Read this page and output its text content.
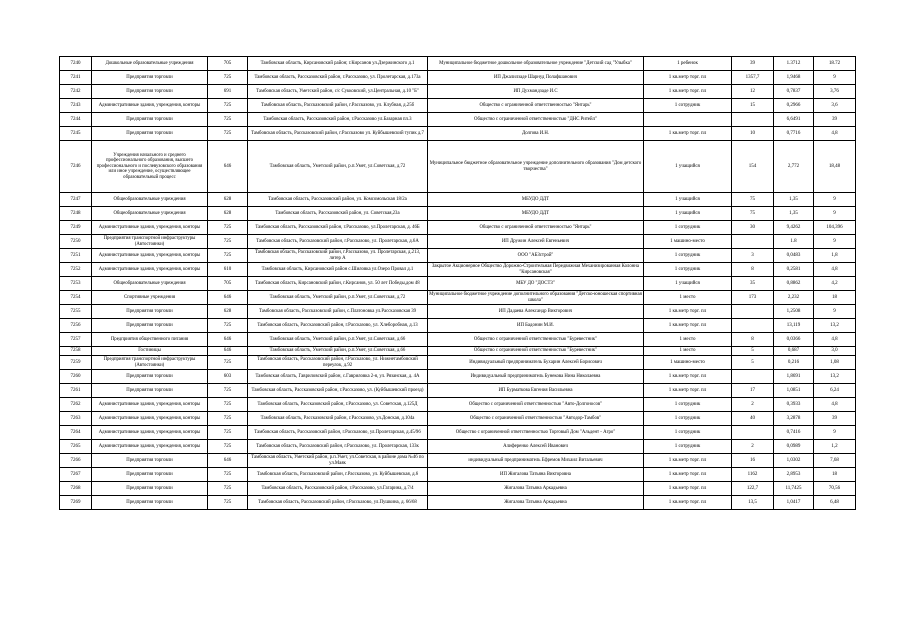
7240	Дошкольные образовательные учреждения	705	Тамбовская область, Кирсановский район; г.Кирсанов ул.Дзержинского д.1	Муниципальное бюджетное дошкольное образовательное учреждение "Детский сад "Улыбка"	1 ребенок	39	1.3712	18.72
7241	Предприятия торговли	725	Тамбовская область, Рассказовский район, г.Рассказово, ул. Пролетарская, д.173а	ИП Джалилзаде Шарнуд Полафшанович	1 кв.метр торг. пл	1357,7	1,9468	9
7242	Предприятия торговли	691	Тамбовская область, Уметский район, с/с Сукковский, ул.Центральная, д.10 "Б"	ИП Духмандзаде И.С	1 кв.метр торг. пл	12	0,7837	3,76
7243	Административные здания, учреждения, конторы	725	Тамбовская область, Рассказовский район, г.Рассказово, ул. Клубная, д.25б	Общество с ограниченной ответственностью "Янтарь"	1 сотрудник	15	0,2966	3,6
7244	Предприятия торговли	725	Тамбовская область, Рассказовский район, г.Рассказово ул.Базарная пл.3	Общество с ограниченной ответственностью "ДНС Ритейл"			6,6491	39
7245	Предприятия торговли	725	Тамбовская область, Рассказовский район, г.Рассказово ул. Куйбышевский тупик д.7	Долгова И.Н.	1 кв.метр торг. пл	10	0,7716	4,8
7246	Учреждения начального и среднего профессионального образования, высшего профессионального и послевузовского образования или иное учреждение, осуществляющее образовательный процесс	646	Тамбовская область, Уметский район, р.п.Умет, ул.Советская, д.72	Муниципальное бюджетное образовательное учреждение дополнительного образования "Дом детского творчества"	1 учащийся	154	2,772	18,48
7247	Общеобразовательные учреждения	628	Тамбовская область, Рассказовский район, ул. Комсомольская 18/2а	МБУДО ДДТ	1 учащийся	75	1,35	9
7248	Общеобразовательные учреждения	628	Тамбовская область, Рассказовский район, ул. Советская,23а	МБУДО ДДТ	1 учащийся	75	1,35	9
7249	Административные здания, учреждения, конторы	725	Тамбовская область, Рассказовский район, г.Рассказово, ул.Пролетарская, д. 46Б	Общество с ограниченной ответственностью "Янтарь"	1 сотрудник	30	9,4262	104,396
7250	Предприятия транспортной инфраструктуры (Автостоянки)	725	Тамбовская область, Рассказовский район, г.Рассказово, ул. Пролетарская, д.6А	ИП Дружин Алексей Евгеньевич	1 машино-место		1.8	9
7251	Административные здания, учреждения, конторы	725	Тамбовская область, Рассказовский район, г.Рассказово, ул. Пролетарская, д.213, литер А	ООО "АБЗстрой"	1 сотрудник	3	0,0483	1,8
7252	Административные здания, учреждения, конторы	610	Тамбовская область, Кирсановский район с.Шиловка ул.Озеро Провал д.1	Закрытое Акционерное Общество Дорожно-Строительная Передвижная Механизированная Колонна "Кирсановская"	1 сотрудник	8	0,2581	4,8
7253	Общеобразовательные учреждения	705	Тамбовская область, Кирсановский район, г.Кирсанов, ул. 50 лет Победы,дом 48	МБУ ДО "ДОСТЗ"	1 учащийся	35	0,8862	4,2
7254	Спортивные учреждения	646	Тамбовская область, Уметский район, р.п.Умет, ул.Советская, д.72	Муниципальное бюджетное учреждение дополнительного образования "Детско-юношеская спортивная школа"	1 место	173	2,232	18
7255	Предприятия торговли	628	Тамбовская область, Рассказовский район, с.Платоновка ул.Рассказовская 39	ИП Дадаева Александр Викторович	1 кв.метр торг. пл		1,2508	9
7256	Предприятия торговли	725	Тамбовская область, Рассказовский район, г.Рассказово, ул. Хлеборобная, д.13	ИП Бадонин М.И.	1 кв.метр торг. пл		13,119	13,2
7257	Предприятия общественного питания	646	Тамбовская область, Уметский район, р.п.Умет, ул.Советская, д.66	Общество с ограниченной ответственностью "Буревестник"	1 место	8	0,0366	4,8
7258	Гостиницы	646	Тамбовская область, Уметский район, р.п.Умет, ул.Советская, д.66	Общество с ограниченной ответственностью "Буревестник"	1 место	5	0,687	3,0
7259	Предприятия транспортной инфраструктуры (Автостоянки)	725	Тамбовская область, Рассказовский район, г.Рассказово, ул. Нижнетамбовский переулок, д.92	Индивидуальный предприниматель Бухарин Алексей Борисович	1 машино-место	5	0,216	1,08
7260	Предприятия торговли	603	Тамбовская область, Гавриловский район, с.Гавриловка 2-я, ул. Рязанская, д. 4А	Индивидуальный предприниматель Бунекова Нина Николаевна	1 кв.метр торг. пл		1,8691	13,2
7261	Предприятия торговли	725	Тамбовская область, Рассказовский район, г.Рассказово, ул. (Куйбышевский проезд)	ИП Бурматкова Евгения Васильевна	1 кв.метр торг. пл	17	1,0851	6,24
7262	Административные здания, учреждения, конторы	725	Тамбовская область, Рассказовский район, г.Рассказово, ул. Советская, д.125Д	Общество с ограниченной ответственностью "Авто-Долгоносов"	1 сотрудник	2	0,3933	4,8
7263	Административные здания, учреждения, конторы	725	Тамбовская область, Рассказовский район, г.Рассказово, ул.Донская, д.104а	Общество с ограниченной ответственностью "Автодор-Тамбов"	1 сотрудник	40	3,2878	39
7264	Административные здания, учреждения, конторы	725	Тамбовская область, Рассказовский район, г.Рассказово, ул.Пролетарская, д.45/96	Общество с ограниченной ответственностью Торговый Дом "Альдент - Агро"	1 сотрудник		0,7416	9
7265	Административные здания, учреждения, конторы	725	Тамбовская область, Рассказовский район, г.Рассказово, ул. Пролетарская, 133к	Алиференко Алексей Иванович	1 сотрудник	2	0,0989	1,2
7266	Предприятия торговли	646	Тамбовская область, Уметский район, р.п.Умет, ул.Советская, в районе дома №46 по ул.Маяк	индивидуальный предприниматель Ефремов Михаил Витальевич	1 кв.метр торг. пл	16	1,0302	7,68
7267	Предприятия торговли	725	Тамбовская область, Рассказовский район, г.Рассказово, ул. Куйбышевская, д.6	ИП Жигалова Татьяна Викторовна	1 кв.метр торг. пл	1162	2,8953	18
7268	Предприятия торговли	725	Тамбовская область, Рассказовский район, г.Рассказово, ул.Гагарина, д.7/4	Жигалова Татьяна Аркадьевна	1 кв.метр торг. пл	122,7	11,7425	70,56
7269	Предприятия торговли	725	Тамбовская область, Рассказовский район, г.Рассказово, ул.Пушкина, д. 66/68	Жигалова Татьяна Аркадьевна	1 кв.метр торг. пл	13,5	1,0417	6,48
